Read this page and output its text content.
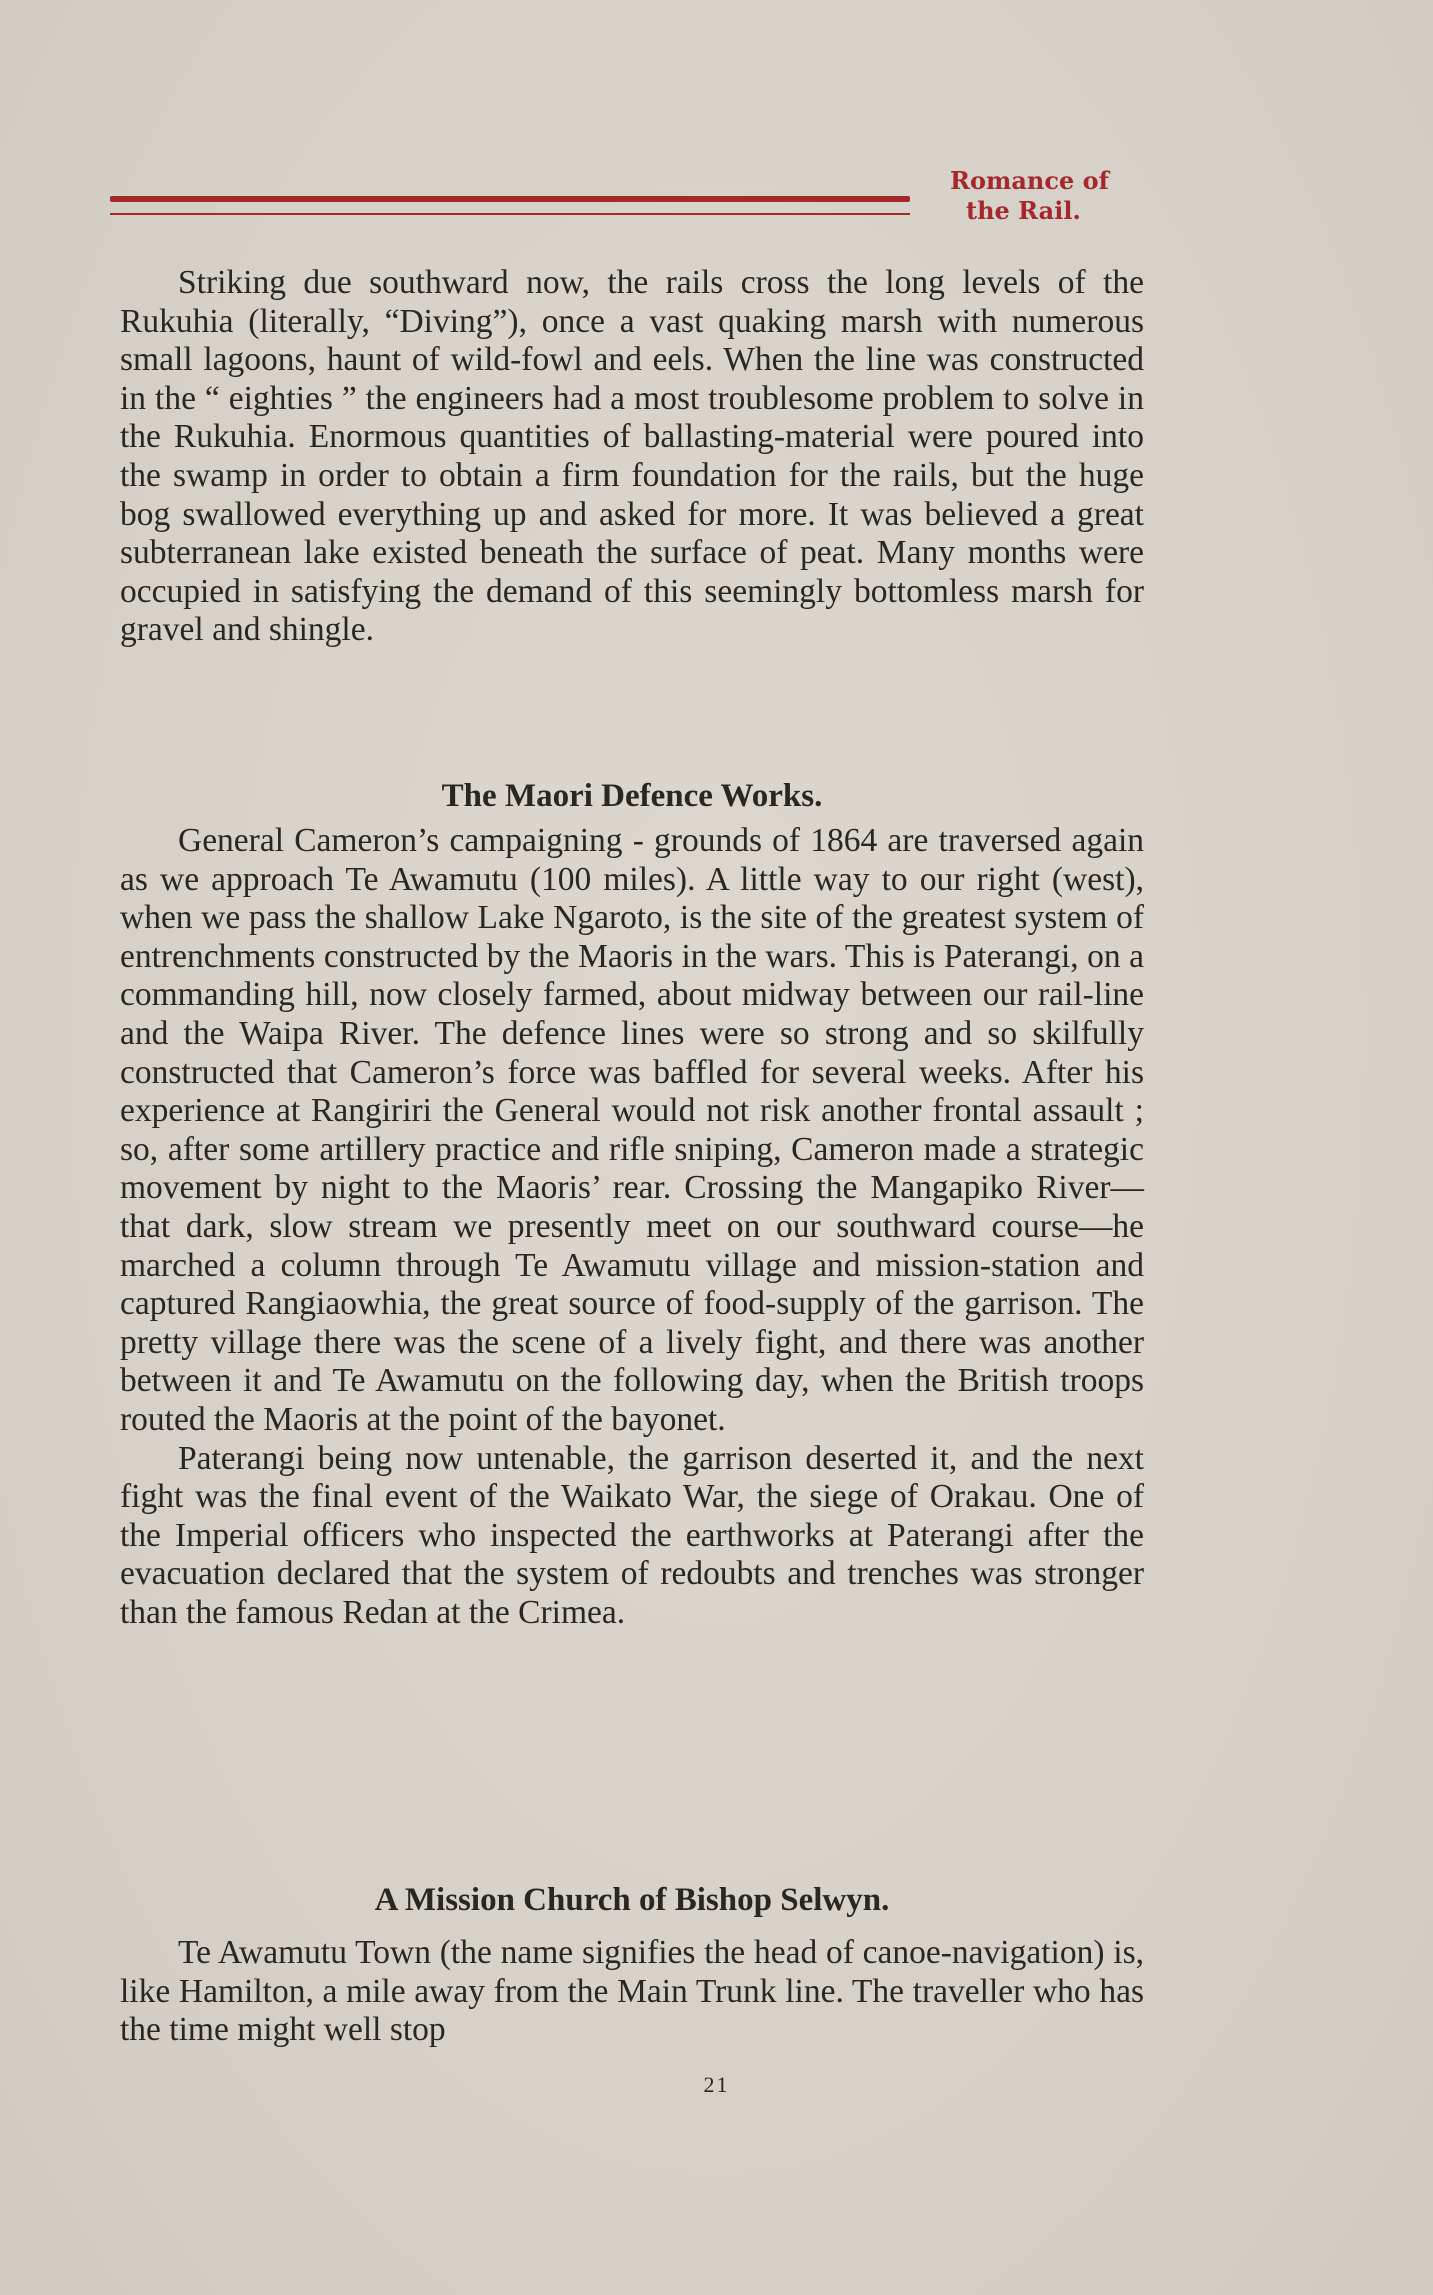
Romance of
the Rail.

Striking due southward now, the rails cross the long levels of the Rukuhia (literally, “Diving”), once a vast quaking marsh with numerous small lagoons, haunt of wild-fowl and eels. When the line was constructed in the “ eighties ” the engineers had a most troublesome problem to solve in the Rukuhia. Enormous quantities of ballasting-material were poured into the swamp in order to obtain a firm foundation for the rails, but the huge bog swallowed everything up and asked for more. It was believed a great subterranean lake existed beneath the surface of peat. Many months were occupied in satisfying the demand of this seemingly bottomless marsh for gravel and shingle.

The Maori Defence Works.

General Cameron’s campaigning - grounds of 1864 are traversed again as we approach Te Awamutu (100 miles). A little way to our right (west), when we pass the shallow Lake Ngaroto, is the site of the greatest system of entrenchments constructed by the Maoris in the wars. This is Paterangi, on a commanding hill, now closely farmed, about midway between our rail-line and the Waipa River. The defence lines were so strong and so skilfully constructed that Cameron’s force was baffled for several weeks. After his experience at Rangiriri the General would not risk another frontal assault ; so, after some artillery practice and rifle sniping, Cameron made a strategic movement by night to the Maoris’ rear. Crossing the Mangapiko River—that dark, slow stream we presently meet on our southward course—he marched a column through Te Awamutu village and mission-station and captured Rangiaowhia, the great source of food-supply of the garrison. The pretty village there was the scene of a lively fight, and there was another between it and Te Awamutu on the following day, when the British troops routed the Maoris at the point of the bayonet.

Paterangi being now untenable, the garrison deserted it, and the next fight was the final event of the Waikato War, the siege of Orakau. One of the Imperial officers who inspected the earthworks at Paterangi after the evacuation declared that the system of redoubts and trenches was stronger than the famous Redan at the Crimea.

A Mission Church of Bishop Selwyn.

Te Awamutu Town (the name signifies the head of canoe-navigation) is, like Hamilton, a mile away from the Main Trunk line. The traveller who has the time might well stop

21
